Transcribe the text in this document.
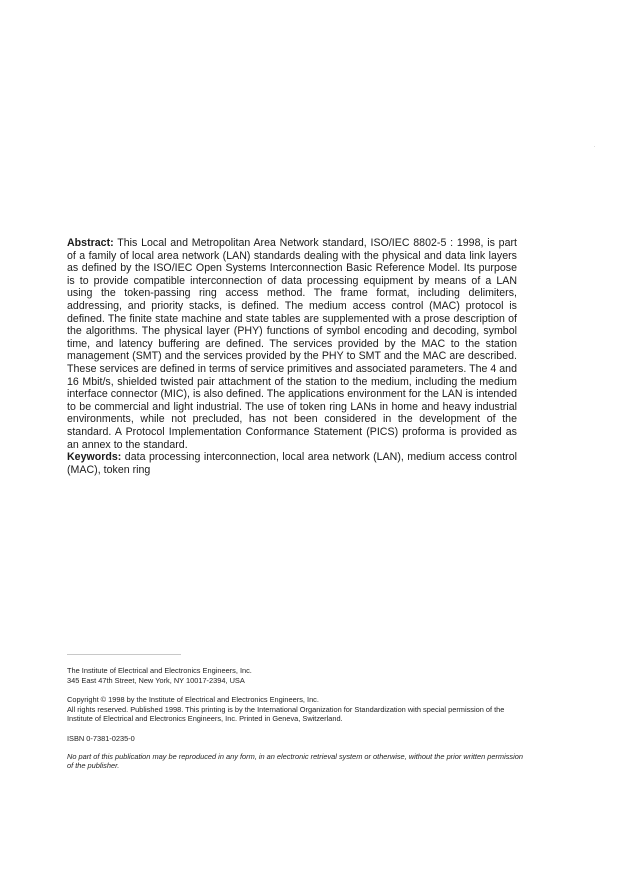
Abstract: This Local and Metropolitan Area Network standard, ISO/IEC 8802-5 : 1998, is part of a family of local area network (LAN) standards dealing with the physical and data link layers as defined by the ISO/IEC Open Systems Interconnection Basic Reference Model. Its purpose is to provide compatible interconnection of data processing equipment by means of a LAN using the token-passing ring access method. The frame format, including delimiters, addressing, and priority stacks, is defined. The medium access control (MAC) protocol is defined. The finite state machine and state tables are supplemented with a prose description of the algorithms. The physical layer (PHY) functions of symbol encoding and decoding, symbol time, and latency buffering are defined. The services provided by the MAC to the station management (SMT) and the services provided by the PHY to SMT and the MAC are described. These services are defined in terms of service primitives and associated parameters. The 4 and 16 Mbit/s, shielded twisted pair attachment of the station to the medium, including the medium interface connector (MIC), is also defined. The applications environment for the LAN is intended to be commercial and light industrial. The use of token ring LANs in home and heavy industrial environments, while not precluded, has not been considered in the development of the standard. A Protocol Implementation Conformance Statement (PICS) proforma is provided as an annex to the standard.

Keywords: data processing interconnection, local area network (LAN), medium access control (MAC), token ring

The Institute of Electrical and Electronics Engineers, Inc.

345 East 47th Street, New York, NY 10017-2394, USA

Copyright © 1998 by the Institute of Electrical and Electronics Engineers, Inc.

All rights reserved. Published 1998. This printing is by the International Organization for Standardization with special permission of the Institute of Electrical and Electronics Engineers, Inc. Printed in Geneva, Switzerland.

ISBN 0-7381-0235-0

No part of this publication may be reproduced in any form, in an electronic retrieval system or otherwise, without the prior written permission of the publisher.
